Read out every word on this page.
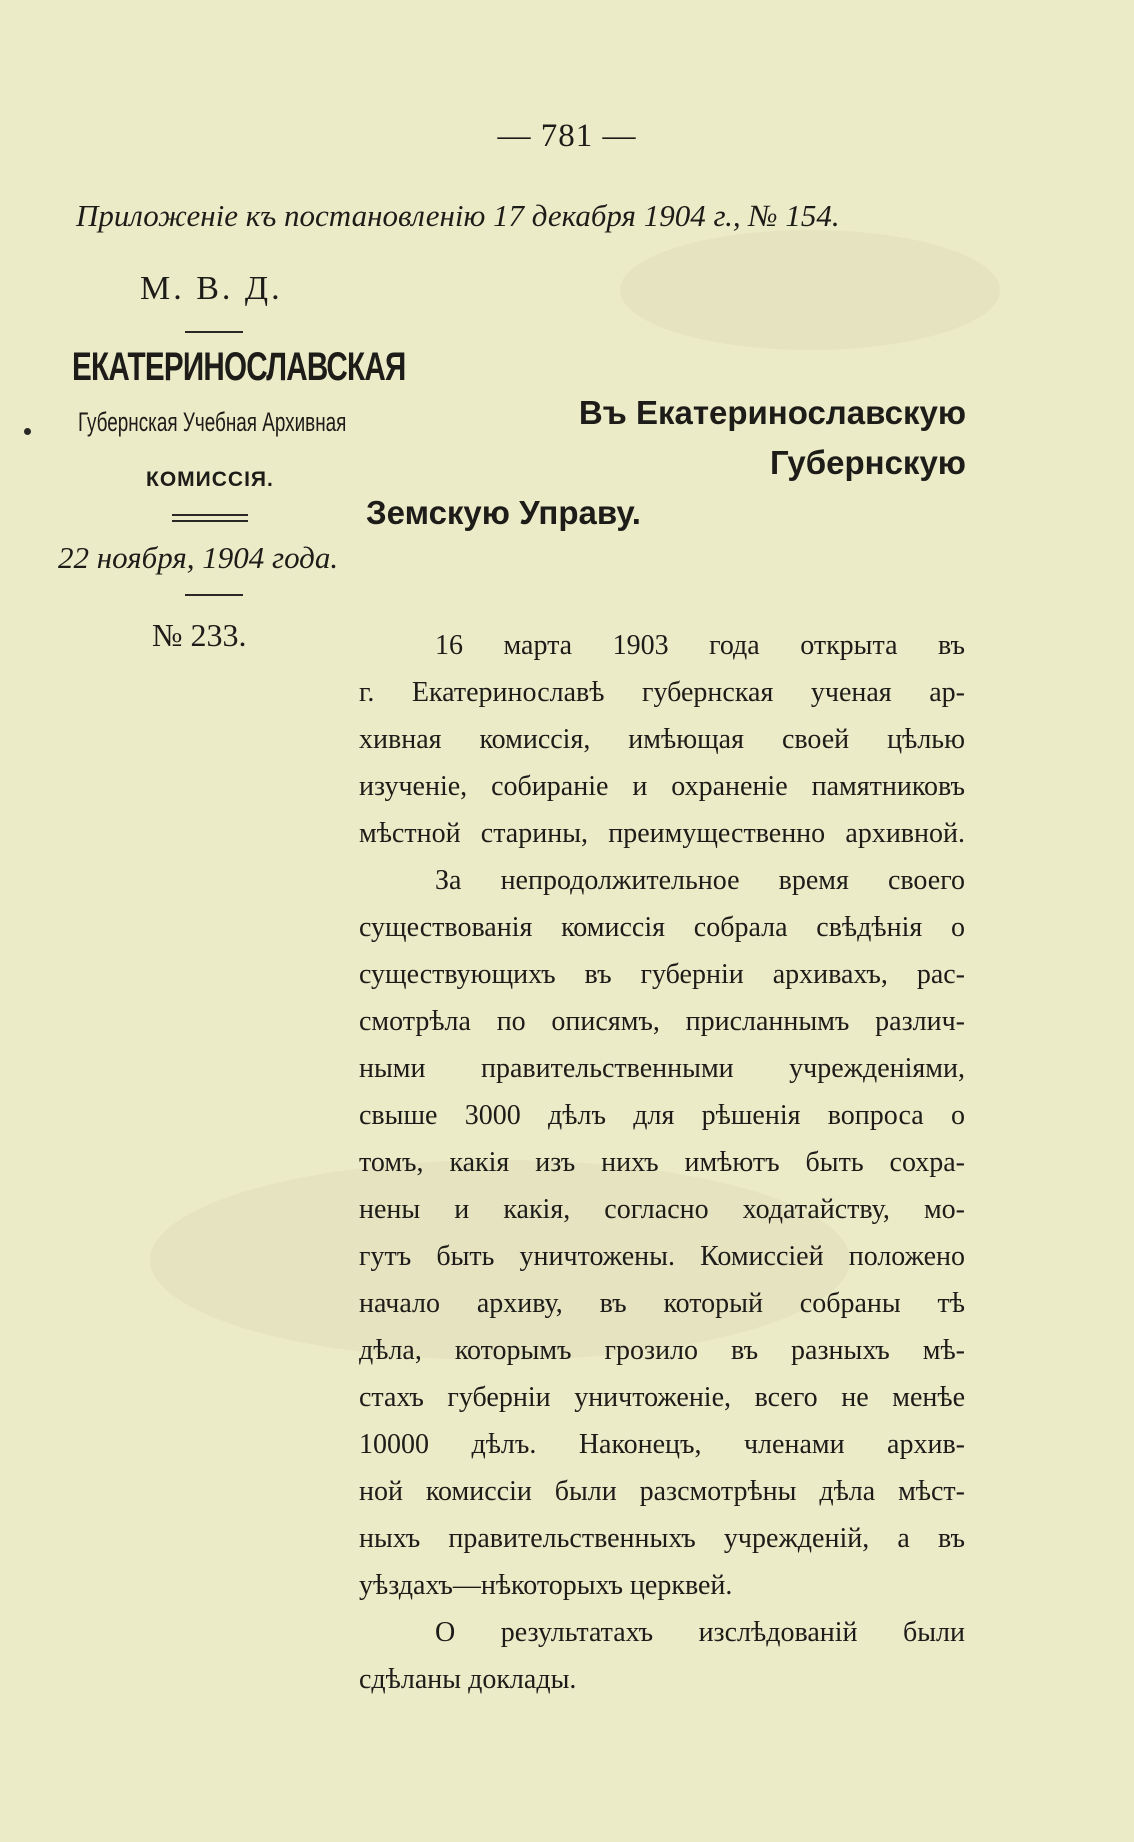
— 781 —
Приложеніе къ постановленію 17 декабря 1904 г., № 154.
М. В. Д.
ЕКАТЕРИНОСЛАВСКАЯ
Губернская Учебная Архивная
КОМИССІЯ.
22 ноября, 1904 года.
№ 233.
Въ Екатеринославскую Губернскую
Земскую Управу.
16 марта 1903 года открыта въ
г. Екатеринославѣ губернская ученая ар-
хивная комиссія, имѣющая своей цѣлью
изученіе, собираніе и охраненіе памятниковъ
мѣстной старины, преимущественно архивной.
За непродолжительное время своего
существованія комиссія собрала свѣдѣнія о
существующихъ въ губерніи архивахъ, рас-
смотрѣла по описямъ, присланнымъ различ-
ными правительственными учрежденіями,
свыше 3000 дѣлъ для рѣшенія вопроса о
томъ, какія изъ нихъ имѣютъ быть сохра-
нены и какія, согласно ходатайству, мо-
гутъ быть уничтожены. Комиссіей положено
начало архиву, въ который собраны тѣ
дѣла, которымъ грозило въ разныхъ мѣ-
стахъ губерніи уничтоженіе, всего не менѣе
10000 дѣлъ. Наконецъ, членами архив-
ной комиссіи были разсмотрѣны дѣла мѣст-
ныхъ правительственныхъ учрежденій, а въ
уѣздахъ—нѣкоторыхъ церквей.
О результатахъ изслѣдованій были
сдѣланы доклады.
